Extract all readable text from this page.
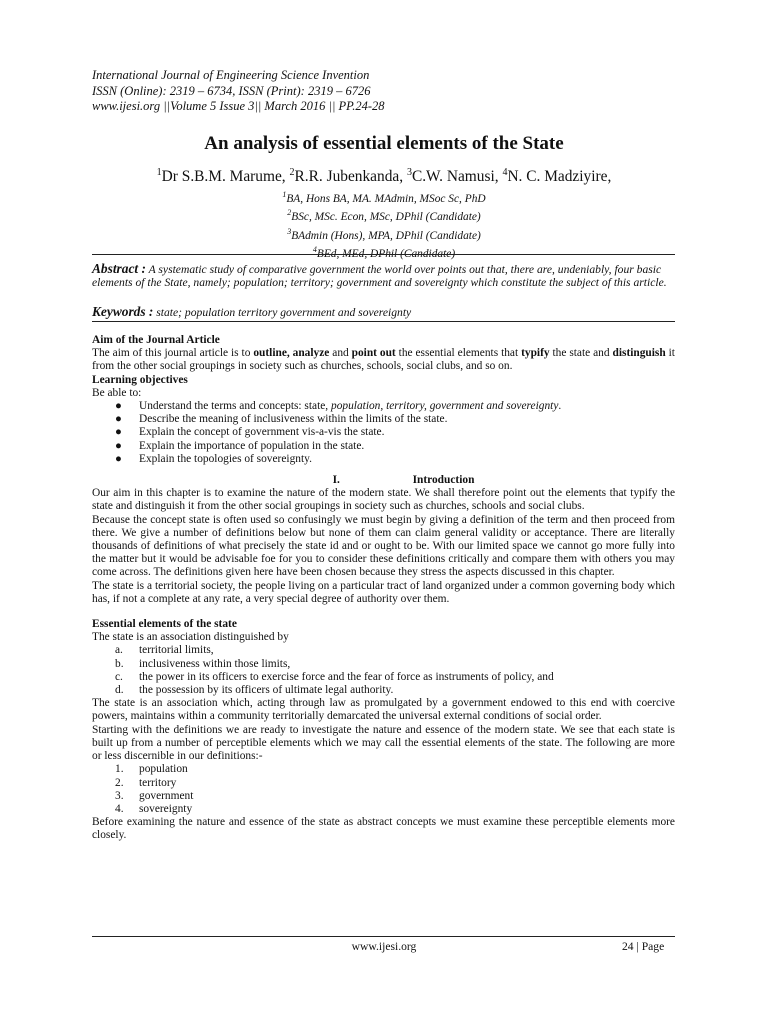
International Journal of Engineering Science Invention
ISSN (Online): 2319 – 6734, ISSN (Print): 2319 – 6726
www.ijesi.org ||Volume 5 Issue 3|| March 2016 || PP.24-28
An analysis of essential elements of the State
$^1$Dr S.B.M. Marume, $^2$R.R. Jubenkanda, $^3$C.W. Namusi, $^4$N. C. Madziyire,
$^1$BA, Hons BA, MA. MAdmin, MSoc Sc, PhD
$^2$BSc, MSc. Econ, MSc, DPhil (Candidate)
$^3$BAdmin (Hons), MPA, DPhil (Candidate)
$^4$BEd, MEd, DPhil (Candidate)
Abstract : A systematic study of comparative government the world over points out that, there are, undeniably, four basic elements of the State, namely; population; territory; government and sovereignty which constitute the subject of this article.
Keywords : state; population territory government and sovereignty
Aim of the Journal Article

The aim of this journal article is to outline, analyze and point out the essential elements that typify the state and distinguish it from the other social groupings in society such as churches, schools, social clubs, and so on.

Learning objectives
Be able to:
● Understand the terms and concepts: state, population, territory, government and sovereignty.
● Describe the meaning of inclusiveness within the limits of the state.
● Explain the concept of government vis-a-vis the state.
● Explain the importance of population in the state.
● Explain the topologies of sovereignty.
I.	Introduction

Our aim in this chapter is to examine the nature of the modern state. We shall therefore point out the elements that typify the state and distinguish it from the other social groupings in society such as churches, schools and social clubs.

Because the concept state is often used so confusingly we must begin by giving a definition of the term and then proceed from there. We give a number of definitions below but none of them can claim general validity or acceptance. There are literally thousands of definitions of what precisely the state id and or ought to be. With our limited space we cannot go more fully into the matter but it would be advisable foe for you to consider these definitions critically and compare them with others you may come across. The definitions given here have been chosen because they stress the aspects discussed in this chapter.

The state is a territorial society, the people living on a particular tract of land organized under a common governing body which has, if not a complete at any rate, a very special degree of authority over them.

Essential elements of the state
The state is an association distinguished by
a. territorial limits,
b. inclusiveness within those limits,
c. the power in its officers to exercise force and the fear of force as instruments of policy, and
d. the possession by its officers of ultimate legal authority.

The state is an association which, acting through law as promulgated by a government endowed to this end with coercive powers, maintains within a community territorially demarcated the universal external conditions of social order.

Starting with the definitions we are ready to investigate the nature and essence of the modern state. We see that each state is built up from a number of perceptible elements which we may call the essential elements of the state. The following are more or less discernible in our definitions:-

1. population
2. territory
3. government
4. sovereignty

Before examining the nature and essence of the state as abstract concepts we must examine these perceptible elements more closely.

www.ijesi.org	24 | Page
